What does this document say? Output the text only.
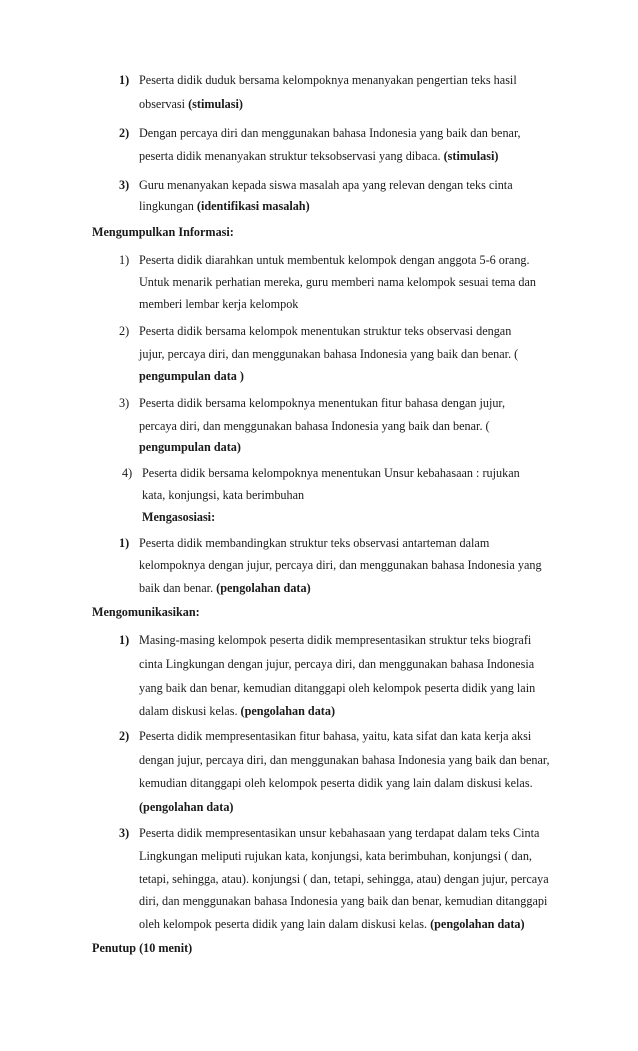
1) Peserta didik duduk bersama kelompoknya menanyakan pengertian teks hasil
observasi (stimulasi)
2) Dengan percaya diri dan menggunakan bahasa Indonesia yang baik dan benar,
peserta didik menanyakan struktur teksobservasi yang dibaca. (stimulasi)
3) Guru menanyakan kepada siswa masalah apa yang relevan dengan teks cinta
lingkungan (identifikasi masalah)
Mengumpulkan Informasi:
1) Peserta didik diarahkan untuk membentuk kelompok dengan anggota 5-6 orang.
Untuk menarik perhatian mereka, guru memberi nama kelompok sesuai tema dan
memberi lembar kerja kelompok
2) Peserta didik bersama kelompok menentukan struktur teks observasi dengan
jujur, percaya diri, dan menggunakan bahasa Indonesia yang baik dan benar. (
pengumpulan data )
3) Peserta didik bersama kelompoknya menentukan fitur bahasa dengan jujur,
percaya diri, dan menggunakan bahasa Indonesia yang baik dan benar. (
pengumpulan data)
4) Peserta didik bersama kelompoknya menentukan Unsur kebahasaan : rujukan
kata, konjungsi, kata berimbuhan
Mengasosiasi:
1) Peserta didik membandingkan struktur teks observasi antarteman dalam
kelompoknya dengan jujur, percaya diri, dan menggunakan bahasa Indonesia yang
baik dan benar. (pengolahan data)
Mengomunikasikan:
1) Masing-masing kelompok peserta didik mempresentasikan struktur teks biografi
cinta Lingkungan dengan jujur, percaya diri, dan menggunakan bahasa Indonesia
yang baik dan benar, kemudian ditanggapi oleh kelompok peserta didik yang lain
dalam diskusi kelas. (pengolahan data)
2) Peserta didik mempresentasikan fitur bahasa, yaitu, kata sifat dan kata kerja aksi
dengan jujur, percaya diri, dan menggunakan bahasa Indonesia yang baik dan benar,
kemudian ditanggapi oleh kelompok peserta didik yang lain dalam diskusi kelas.
(pengolahan data)
3) Peserta didik mempresentasikan unsur kebahasaan yang terdapat dalam teks Cinta
Lingkungan meliputi rujukan kata, konjungsi, kata berimbuhan, konjungsi ( dan,
tetapi, sehingga, atau). konjungsi ( dan, tetapi, sehingga, atau) dengan jujur, percaya
diri, dan menggunakan bahasa Indonesia yang baik dan benar, kemudian ditanggapi
oleh kelompok peserta didik yang lain dalam diskusi kelas. (pengolahan data)
Penutup (10 menit)
